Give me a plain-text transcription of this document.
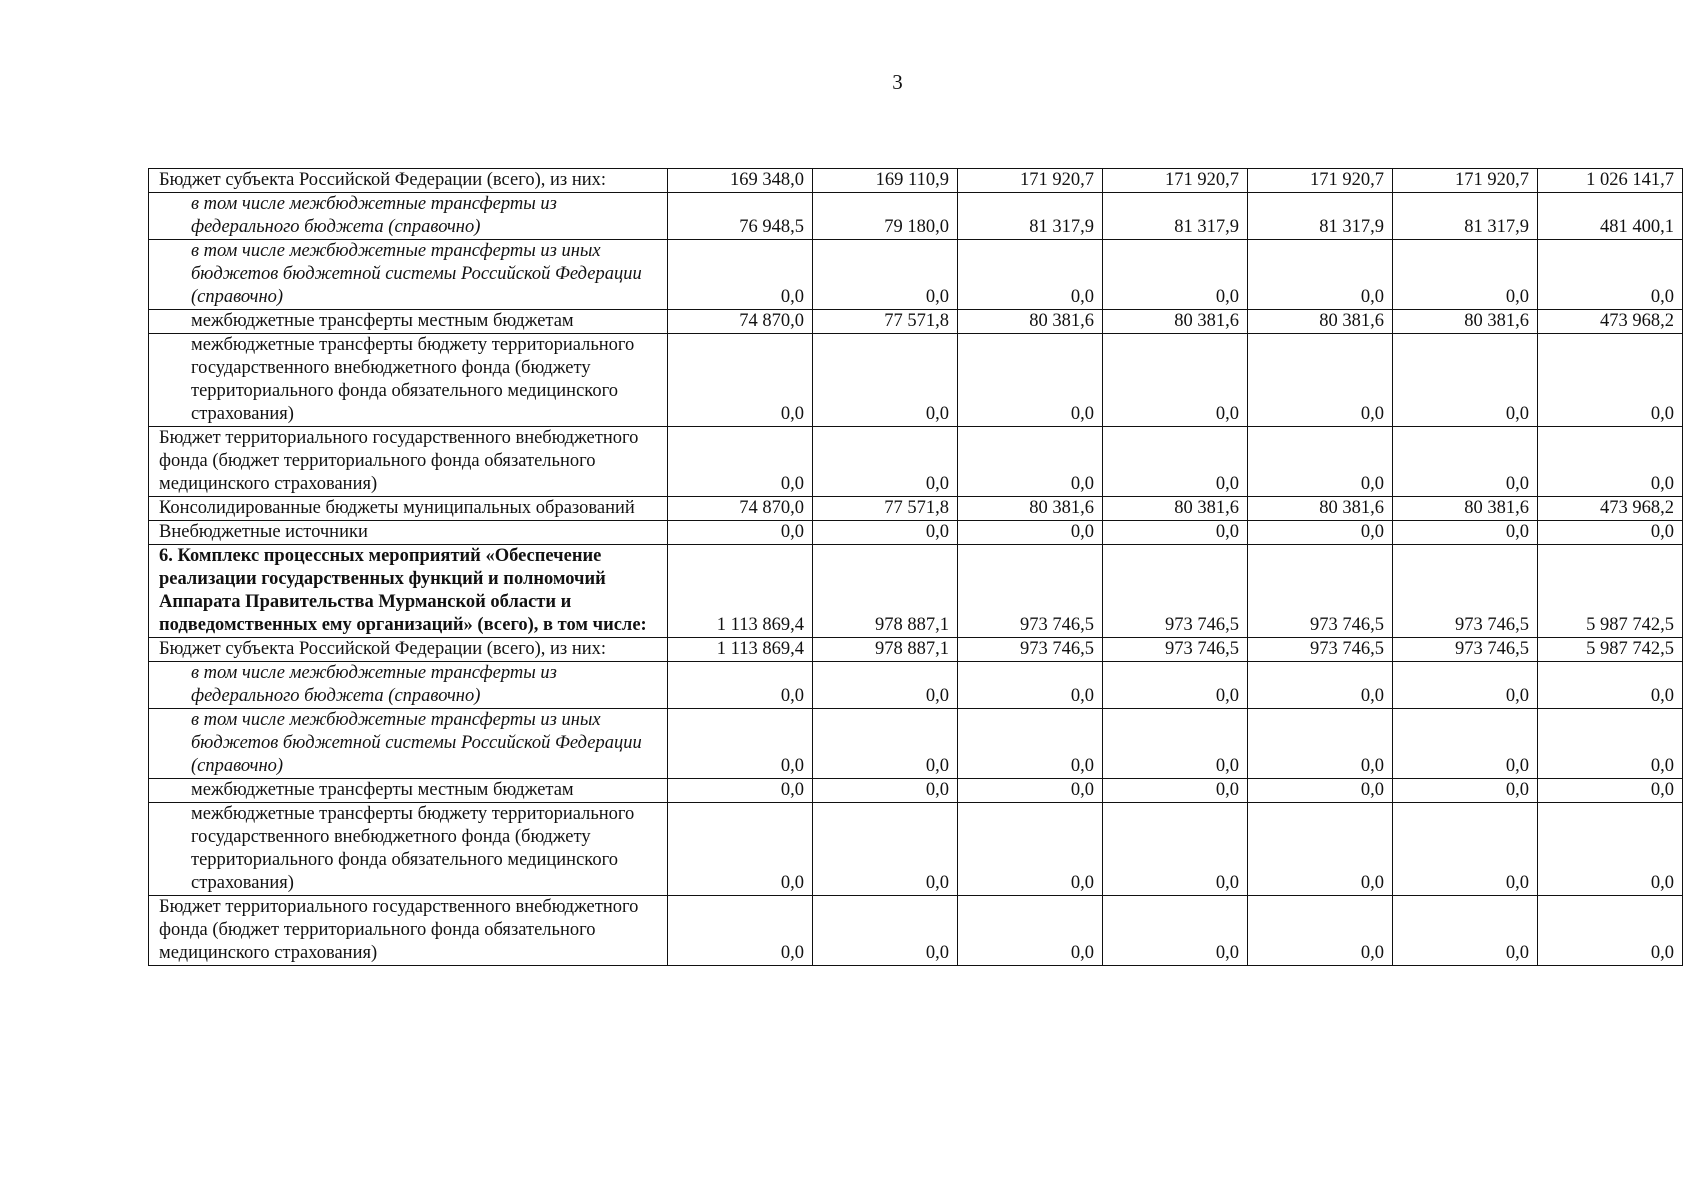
3
Бюджет субъекта Российской Федерации (всего), из них:	169 348,0	169 110,9	171 920,7	171 920,7	171 920,7	171 920,7	1 026 141,7

в том числе межбюджетные трансферты из федерального бюджета (справочно)	76 948,5	79 180,0	81 317,9	81 317,9	81 317,9	81 317,9	481 400,1

в том числе межбюджетные трансферты из иных бюджетов бюджетной системы Российской Федерации (справочно)	0,0	0,0	0,0	0,0	0,0	0,0	0,0

межбюджетные трансферты местным бюджетам	74 870,0	77 571,8	80 381,6	80 381,6	80 381,6	80 381,6	473 968,2

межбюджетные трансферты бюджету территориального государственного внебюджетного фонда (бюджету территориального фонда обязательного медицинского страхования)	0,0	0,0	0,0	0,0	0,0	0,0	0,0

Бюджет территориального государственного внебюджетного фонда (бюджет территориального фонда обязательного медицинского страхования)	0,0	0,0	0,0	0,0	0,0	0,0	0,0

Консолидированные бюджеты муниципальных образований	74 870,0	77 571,8	80 381,6	80 381,6	80 381,6	80 381,6	473 968,2

Внебюджетные источники	0,0	0,0	0,0	0,0	0,0	0,0	0,0

6. Комплекс процессных мероприятий «Обеспечение реализации государственных функций и полномочий Аппарата Правительства Мурманской области и подведомственных ему организаций» (всего), в том числе:	1 113 869,4	978 887,1	973 746,5	973 746,5	973 746,5	973 746,5	5 987 742,5

Бюджет субъекта Российской Федерации (всего), из них:	1 113 869,4	978 887,1	973 746,5	973 746,5	973 746,5	973 746,5	5 987 742,5

в том числе межбюджетные трансферты из федерального бюджета (справочно)	0,0	0,0	0,0	0,0	0,0	0,0	0,0

в том числе межбюджетные трансферты из иных бюджетов бюджетной системы Российской Федерации (справочно)	0,0	0,0	0,0	0,0	0,0	0,0	0,0

межбюджетные трансферты местным бюджетам	0,0	0,0	0,0	0,0	0,0	0,0	0,0

межбюджетные трансферты бюджету территориального государственного внебюджетного фонда (бюджету территориального фонда обязательного медицинского страхования)	0,0	0,0	0,0	0,0	0,0	0,0	0,0

Бюджет территориального государственного внебюджетного фонда (бюджет территориального фонда обязательного медицинского страхования)	0,0	0,0	0,0	0,0	0,0	0,0	0,0
